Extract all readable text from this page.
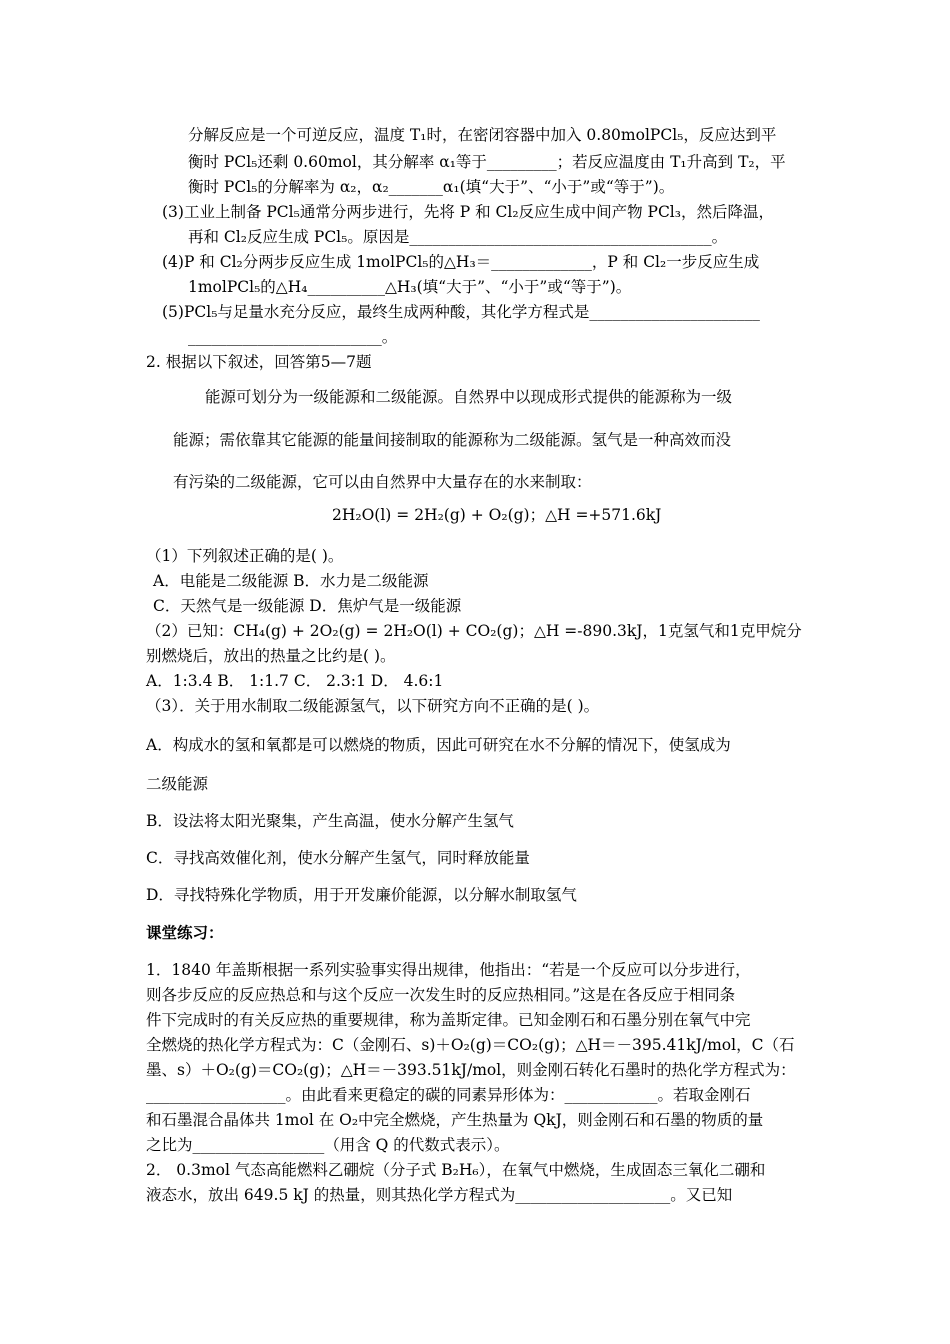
分解反应是一个可逆反应，温度 T₁时，在密闭容器中加入 0.80molPCl₅，反应达到平
衡时 PCl₅还剩 0.60mol，其分解率 α₁等于_________；若反应温度由 T₁升高到 T₂，平
衡时 PCl₅的分解率为 α₂，α₂_______α₁(填“大于”、“小于”或“等于”)。
(3)工业上制备 PCl₅通常分两步进行，先将 P 和 Cl₂反应生成中间产物 PCl₃，然后降温，
再和 Cl₂反应生成 PCl₅。原因是_______________________________________。
(4)P 和 Cl₂分两步反应生成 1molPCl₅的△H₃＝_____________，P 和 Cl₂一步反应生成
1molPCl₅的△H₄__________△H₃(填“大于”、“小于”或“等于”)。
(5)PCl₅与足量水充分反应，最终生成两种酸，其化学方程式是______________________
_________________________。
2. 根据以下叙述，回答第5—7题
能源可划分为一级能源和二级能源。自然界中以现成形式提供的能源称为一级
能源；需依靠其它能源的能量间接制取的能源称为二级能源。氢气是一种高效而没
有污染的二级能源，它可以由自然界中大量存在的水来制取：
2H₂O(l) = 2H₂(g) + O₂(g)；△H =+571.6kJ
（1）下列叙述正确的是( )。
A．电能是二级能源 B．水力是二级能源
C．天然气是一级能源 D．焦炉气是一级能源
（2）已知：CH₄(g) + 2O₂(g) = 2H₂O(l) + CO₂(g)；△H =-890.3kJ，1克氢气和1克甲烷分
别燃烧后，放出的热量之比约是( )。
A．1:3.4 B． 1:1.7 C． 2.3:1 D． 4.6:1
（3）．关于用水制取二级能源氢气，以下研究方向不正确的是( )。
A．构成水的氢和氧都是可以燃烧的物质，因此可研究在水不分解的情况下，使氢成为
二级能源
B．设法将太阳光聚集，产生高温，使水分解产生氢气
C．寻找高效催化剂，使水分解产生氢气，同时释放能量
D．寻找特殊化学物质，用于开发廉价能源，以分解水制取氢气
课堂练习：
1．1840 年盖斯根据一系列实验事实得出规律，他指出：“若是一个反应可以分步进行，
则各步反应的反应热总和与这个反应一次发生时的反应热相同。”这是在各反应于相同条
件下完成时的有关反应热的重要规律，称为盖斯定律。已知金刚石和石墨分别在氧气中完
全燃烧的热化学方程式为：C（金刚石、s)＋O₂(g)＝CO₂(g)；△H＝－395.41kJ/mol，C（石
墨、s）＋O₂(g)＝CO₂(g)；△H＝－393.51kJ/mol，则金刚石转化石墨时的热化学方程式为：
__________________。由此看来更稳定的碳的同素异形体为：____________。若取金刚石
和石墨混合晶体共 1mol 在 O₂中完全燃烧，产生热量为 QkJ，则金刚石和石墨的物质的量
之比为_________________（用含 Q 的代数式表示）。
2． 0.3mol 气态高能燃料乙硼烷（分子式 B₂H₆），在氧气中燃烧，生成固态三氧化二硼和
液态水，放出 649.5 kJ 的热量，则其热化学方程式为____________________。又已知
